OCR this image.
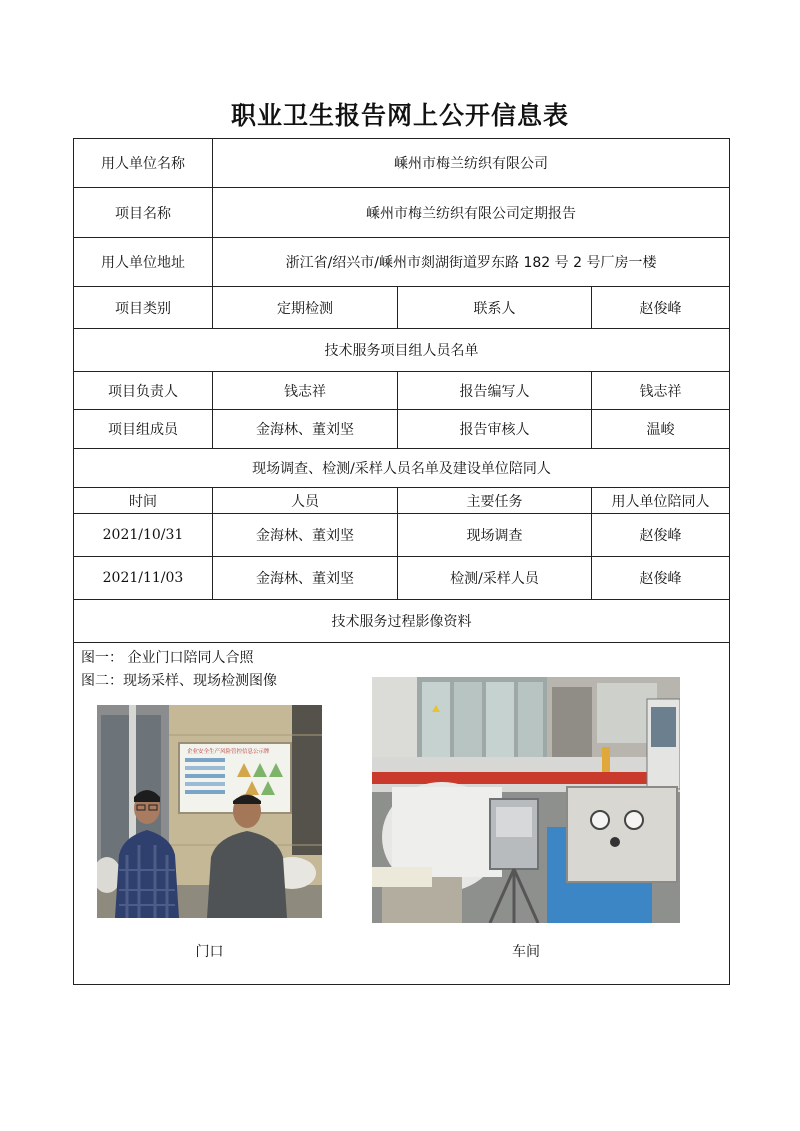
职业卫生报告网上公开信息表
用人单位名称	嵊州市梅兰纺织有限公司		
项目名称	嵊州市梅兰纺织有限公司定期报告		
用人单位地址	浙江省/绍兴市/嵊州市剡湖街道罗东路 182 号 2 号厂房一楼		
项目类别	定期检测	联系人	赵俊峰
技术服务项目组人员名单			
项目负责人	钱志祥	报告编写人	钱志祥
项目组成员	金海林、董刘坚	报告审核人	温峻
现场调查、检测/采样人员名单及建设单位陪同人			
时间	人员	主要任务	用人单位陪同人
2021/10/31	金海林、董刘坚	现场调查	赵俊峰
2021/11/03	金海林、董刘坚	检测/采样人员	赵俊峰
技术服务过程影像资料			

图一： 企业门口陪同人合照
图二：现场采样、现场检测图像
企业安全生产风险管控信息公示牌
门口 车间			
